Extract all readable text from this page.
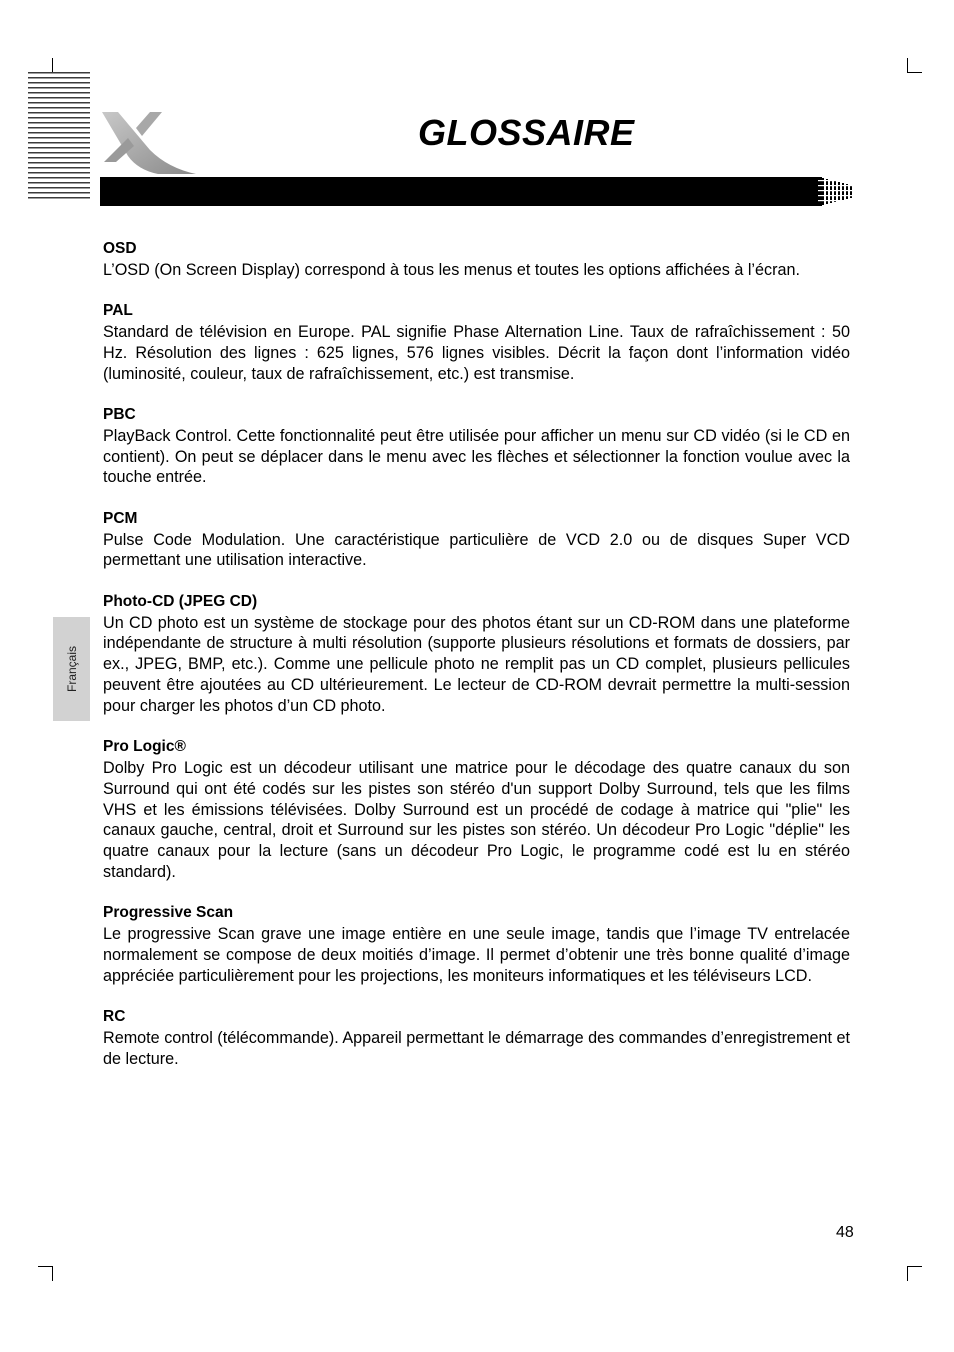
GLOSSAIRE
Français
OSD
L’OSD (On Screen Display) correspond à tous les menus et toutes les options affichées à l’écran.
PAL
Standard de télévision en Europe. PAL signifie Phase Alternation Line. Taux de rafraîchissement : 50 Hz. Résolution des lignes : 625 lignes, 576 lignes visibles. Décrit la façon dont l’information vidéo (luminosité, couleur, taux de rafraîchissement, etc.) est transmise.
PBC
PlayBack Control. Cette fonctionnalité peut être utilisée pour afficher un menu sur CD vidéo (si le CD en contient). On peut se déplacer dans le menu avec les flèches et sélectionner la fonction voulue avec la touche entrée.
PCM
Pulse Code Modulation. Une caractéristique particulière de VCD 2.0 ou de disques Super VCD permettant une utilisation interactive.
Photo-CD (JPEG CD)
Un CD photo est un système de stockage pour des photos étant sur un CD-ROM dans une plateforme indépendante de structure à multi résolution (supporte plusieurs résolutions et formats de dossiers, par ex., JPEG, BMP, etc.). Comme une pellicule photo ne remplit pas un CD complet, plusieurs pellicules peuvent être ajoutées au CD ultérieurement. Le lecteur de CD-ROM devrait permettre la multi-session pour charger les photos d’un CD photo.
Pro Logic®
Dolby Pro Logic est un décodeur utilisant une matrice pour le décodage des quatre canaux du son Surround qui ont été codés sur les pistes son stéréo d'un support Dolby Surround, tels que les films VHS et les émissions télévisées. Dolby Surround est un procédé de codage à matrice qui "plie" les canaux gauche, central, droit et Surround sur les pistes son stéréo. Un décodeur Pro Logic "déplie" les quatre canaux pour la lecture (sans un décodeur Pro Logic, le programme codé est lu en stéréo standard).
Progressive Scan
Le progressive Scan grave une image entière en une seule image, tandis que l’image TV entrelacée normalement se compose de deux moitiés d’image. Il permet d’obtenir une très bonne qualité d’image appréciée particulièrement pour les projections, les moniteurs informatiques et les téléviseurs LCD.
RC
Remote control (télécommande). Appareil permettant le démarrage des commandes d’enregistrement et de lecture.
48
